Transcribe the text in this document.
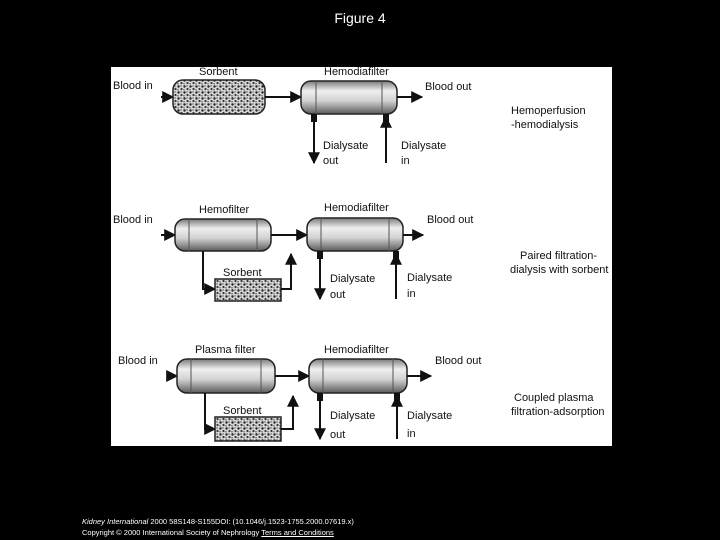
Figure 4
Blood in
Sorbent	Hemodiafilter
Blood out
Dialysate
out
Dialysate
in
Hemoperfusion
-hemodialysis
Blood in
Hemofilter	Hemodiafilter
Blood out
Sorbent	Dialysate
out
Dialysate
in
Paired filtration-
dialysis with sorbent
Blood in
Plasma filter	Hemodiafilter
Blood out
Sorbent	Dialysate
out
Dialysate
in
Coupled plasma
filtration-adsorption
Kidney International 2000 58S148-S155DOI: (10.1046/j.1523-1755.2000.07619.x)
Copyright © 2000 International Society of Nephrology Terms and Conditions
